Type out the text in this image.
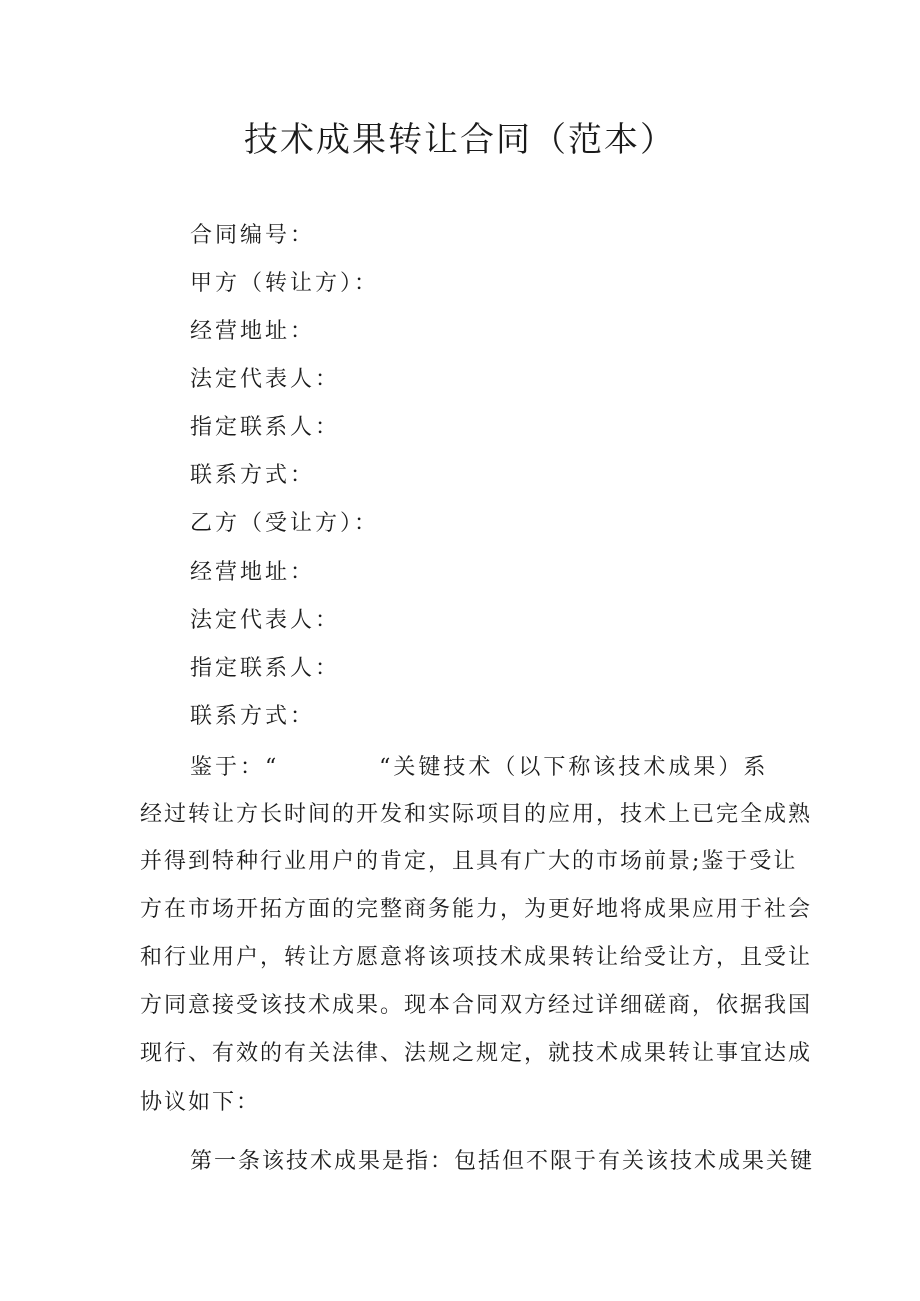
技术成果转让合同（范本）
合同编号：
甲方（转让方）：
经营地址：
法定代表人：
指定联系人：
联系方式：
乙方（受让方）：
经营地址：
法定代表人：
指定联系人：
联系方式：
鉴于：“          “关键技术（以下称该技术成果）系
经过转让方长时间的开发和实际项目的应用，技术上已完全成熟
并得到特种行业用户的肯定，且具有广大的市场前景;鉴于受让
方在市场开拓方面的完整商务能力，为更好地将成果应用于社会
和行业用户，转让方愿意将该项技术成果转让给受让方，且受让
方同意接受该技术成果。现本合同双方经过详细磋商，依据我国
现行、有效的有关法律、法规之规定，就技术成果转让事宜达成
协议如下：
第一条该技术成果是指：包括但不限于有关该技术成果关键
